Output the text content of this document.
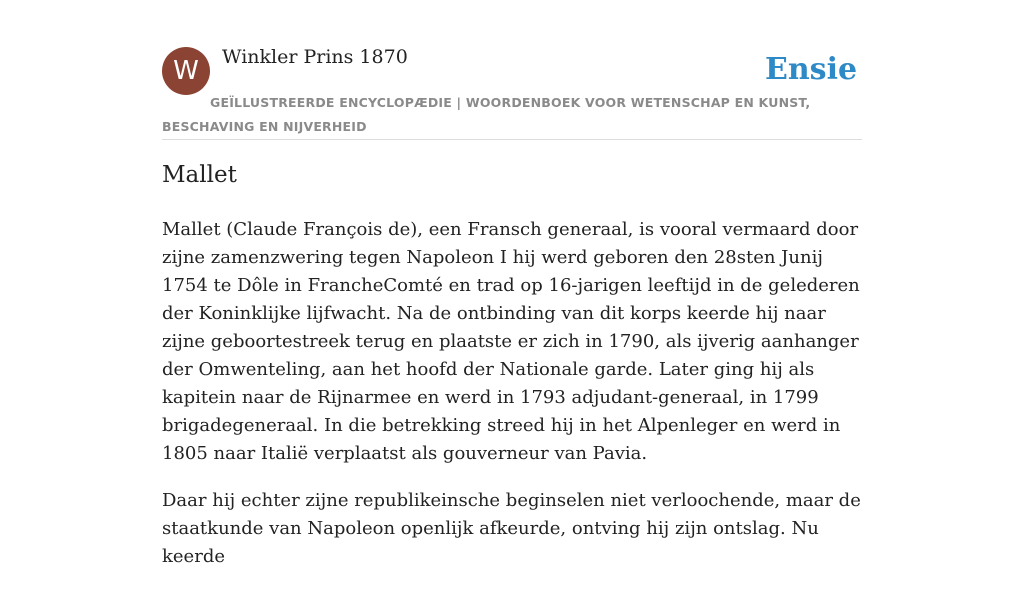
W	Winkler Prins 1870	Ensie
GEÏLLUSTREERDE ENCYCLOPÆDIE | WOORDENBOEK VOOR WETENSCHAP EN KUNST, BESCHAVING EN NIJVERHEID
Mallet

Mallet (Claude François de), een Fransch generaal, is vooral vermaard door zijne zamenzwering tegen Napoleon I hij werd geboren den 28sten Junij 1754 te Dôle in FrancheComté en trad op 16-jarigen leeftijd in de gelederen der Koninklijke lijfwacht. Na de ontbinding van dit korps keerde hij naar zijne geboortestreek terug en plaatste er zich in 1790, als ijverig aanhanger der Omwenteling, aan het hoofd der Nationale garde. Later ging hij als kapitein naar de Rijnarmee en werd in 1793 adjudant-generaal, in 1799 brigadegeneraal. In die betrekking streed hij in het Alpenleger en werd in 1805 naar Italië verplaatst als gouverneur van Pavia.

Daar hij echter zijne republikeinsche beginselen niet verloochende, maar de staatkunde van Napoleon openlijk afkeurde, ontving hij zijn ontslag. Nu keerde
